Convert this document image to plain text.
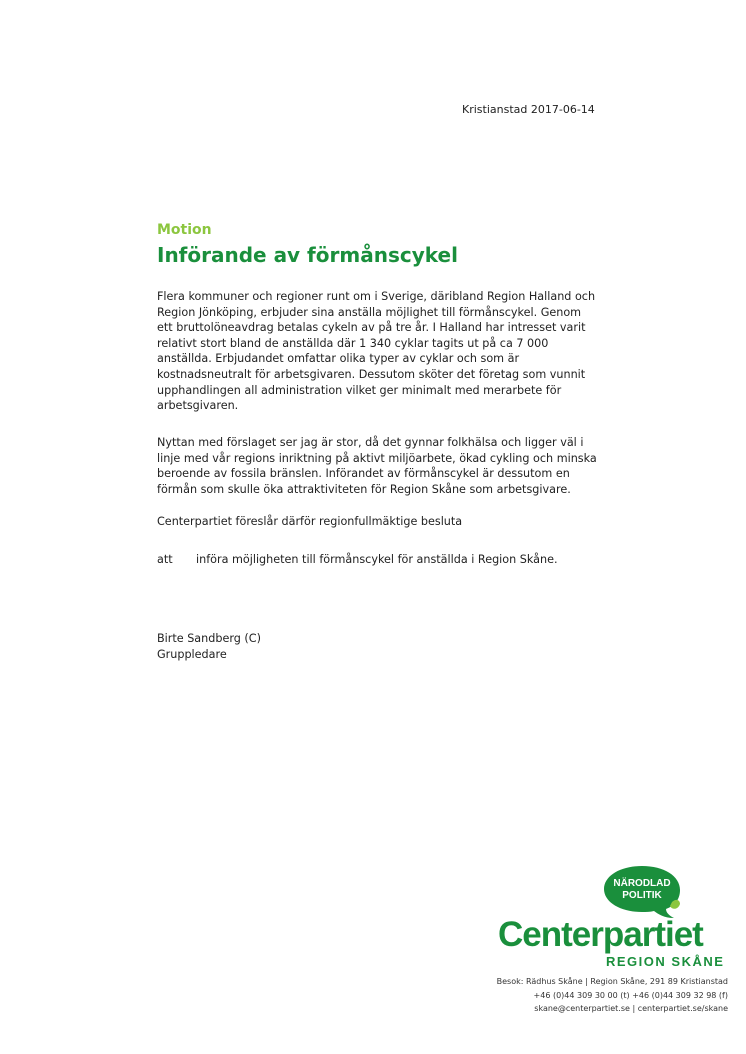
Kristianstad 2017-06-14
Motion
Införande av förmånscykel
Flera kommuner och regioner runt om i Sverige, däribland Region Halland och
Region Jönköping, erbjuder sina anställa möjlighet till förmånscykel. Genom
ett bruttolöneavdrag betalas cykeln av på tre år. I Halland har intresset varit
relativt stort bland de anställda där 1 340 cyklar tagits ut på ca 7 000
anställda. Erbjudandet omfattar olika typer av cyklar och som är
kostnadsneutralt för arbetsgivaren. Dessutom sköter det företag som vunnit
upphandlingen all administration vilket ger minimalt med merarbete för
arbetsgivaren.
Nyttan med förslaget ser jag är stor, då det gynnar folkhälsa och ligger väl i
linje med vår regions inriktning på aktivt miljöarbete, ökad cykling och minska
beroende av fossila bränslen. Införandet av förmånscykel är dessutom en
förmån som skulle öka attraktiviteten för Region Skåne som arbetsgivare.
Centerpartiet föreslår därför regionfullmäktige besluta
att införa möjligheten till förmånscykel för anställda i Region Skåne.
Birte Sandberg (C)
Gruppledare
NÄRODLAD
POLITIK
Centerpartiet
REGION SKÅNE
Besok: Rädhus Skåne | Region Skåne, 291 89 Kristianstad
+46 (0)44 309 30 00 (t) +46 (0)44 309 32 98 (f)
skane@centerpartiet.se | centerpartiet.se/skane
